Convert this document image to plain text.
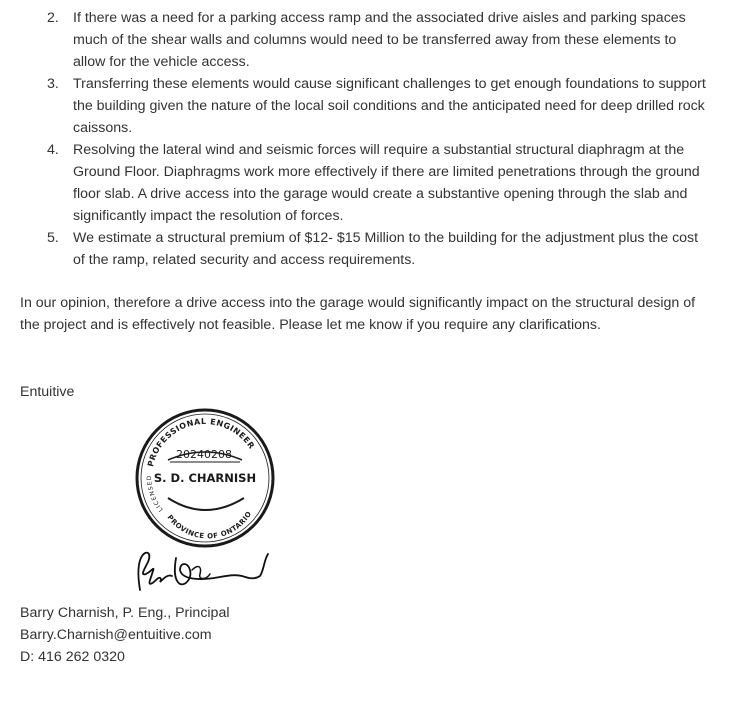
2. If there was a need for a parking access ramp and the associated drive aisles and parking spaces much of the shear walls and columns would need to be transferred away from these elements to allow for the vehicle access.
3. Transferring these elements would cause significant challenges to get enough foundations to support the building given the nature of the local soil conditions and the anticipated need for deep drilled rock caissons.
4. Resolving the lateral wind and seismic forces will require a substantial structural diaphragm at the Ground Floor. Diaphragms work more effectively if there are limited penetrations through the ground floor slab. A drive access into the garage would create a substantive opening through the slab and significantly impact the resolution of forces.
5. We estimate a structural premium of $12- $15 Million to the building for the adjustment plus the cost of the ramp, related security and access requirements.

In our opinion, therefore a drive access into the garage would significantly impact on the structural design of the project and is effectively not feasible. Please let me know if you require any clarifications.

Entuitive
PROFESSIONAL ENGINEER
LICENSED
PROVINCE OF ONTARIO
20240208
S. D. CHARNISH
Barry Charnish, P. Eng., Principal
Barry.Charnish@entuitive.com
D: 416 262 0320
